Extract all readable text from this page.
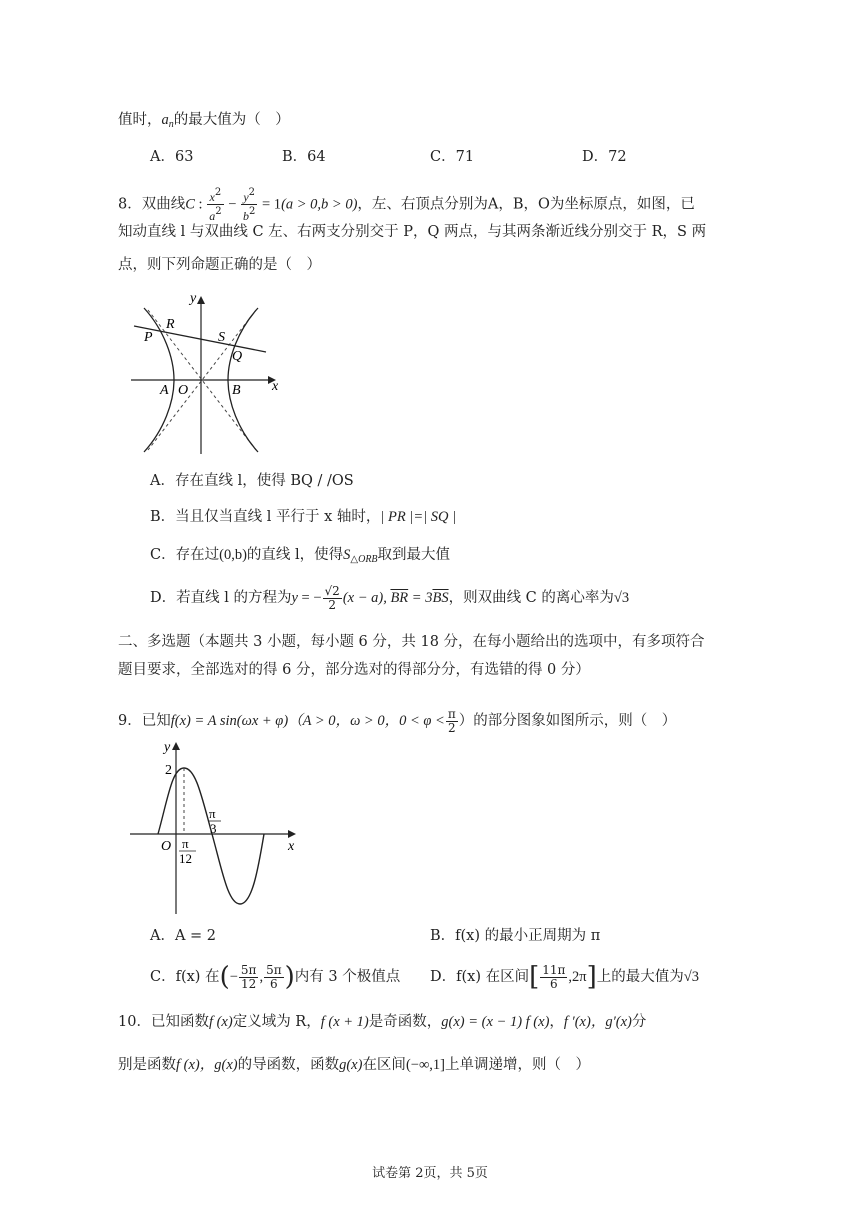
值时，$a_n$的最大值为（　）
A．63	B．64	C．71	D．72
8．双曲线C : $\frac{x^2}{a^2} - \frac{y^2}{b^2} = 1(a > 0,b > 0)$，左、右顶点分别为A，B，O为坐标原点，如图，已
知动直线 l 与双曲线 C 左、右两支分别交于 P，Q 两点，与其两条渐近线分别交于 R，S 两
点，则下列命题正确的是（　）
y
x
R
P	S
Q
A O	B
A．存在直线 l，使得 BQ / /OS
B．当且仅当直线 l 平行于 x 轴时，| PR |=| SQ |
C．存在过(0,b)的直线 l，使得$S_{\triangle ORB}$取到最大值
D．若直线 l 的方程为y = − $\frac{√2}{2} (x - a)$, $\overline{BR} = 3\overline{BS}$，则双曲线 C 的离心率为√3
二、多选题（本题共 3 小题，每小题 6 分，共 18 分，在每小题给出的选项中，有多项符合
题目要求，全部选对的得 6 分，部分选对的得部分分，有选错的得 0 分）
9．已知f(x) = A sin(ωx + φ)（A > 0，ω > 0，$0 < \varphi < \frac{\pi}{2}$ ）的部分图象如图所示，则（　）
y
x
2
O π
12
π
3
A．A = 2	B．f(x) 的最小正周期为 π
C．f(x) 在(− $\frac{5\pi}{12}$ , $\frac{5\pi}{6}$ )内有 3 个极值点 D．f(x) 在区间[ $\frac{11\pi}{6} ,2\pi$]上的最大值为√3
10．已知函数f (x)定义域为 R，f (x + 1)是奇函数，g(x) = (x − 1) f (x)，f ′(x)，g′(x)分
别是函数f (x)，g(x)的导函数，函数g(x)在区间(−∞,1]上单调递增，则（　）
试卷第 2页，共 5页
